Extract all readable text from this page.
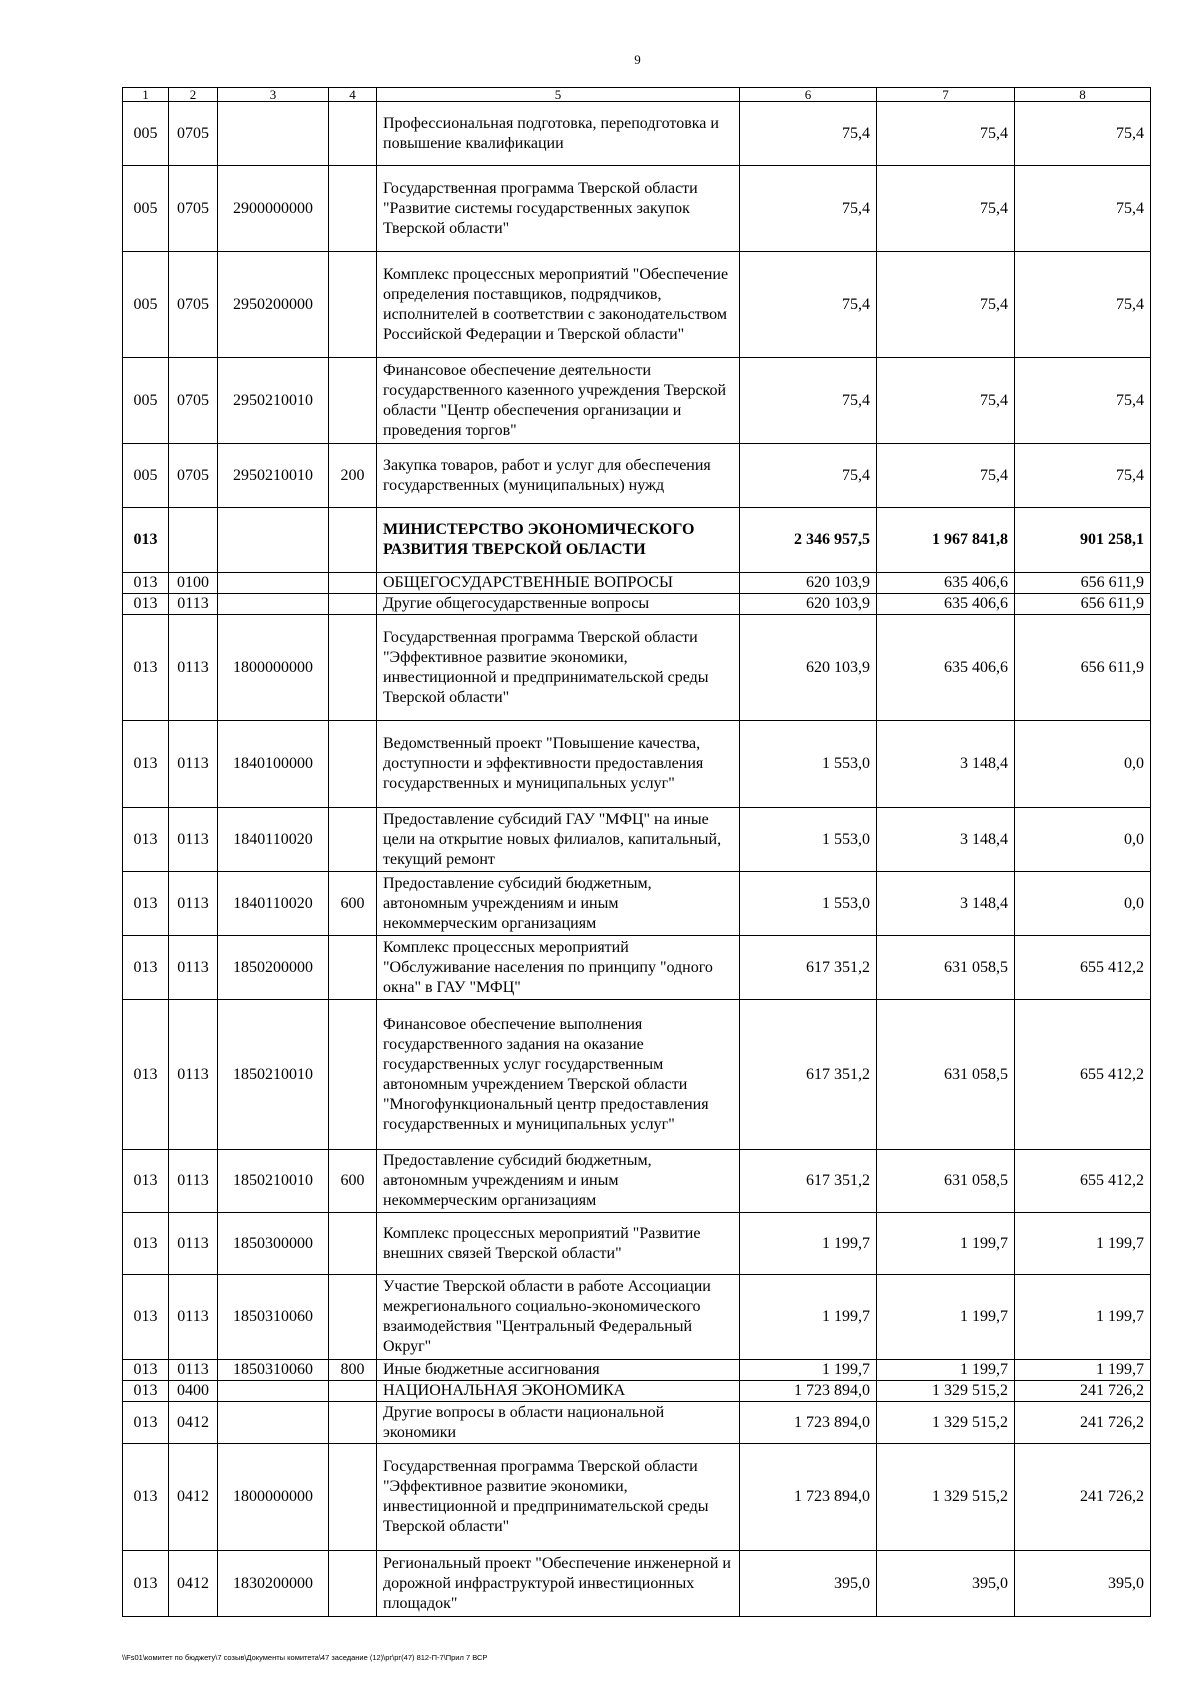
9
1	2	3	4	5	6	7	8
005	0705			Профессиональная подготовка, переподготовка и повышение квалификации	75,4	75,4	75,4
005	0705	2900000000		Государственная программа Тверской области "Развитие системы государственных закупок Тверской области"	75,4	75,4	75,4
005	0705	2950200000		Комплекс процессных мероприятий "Обеспечение определения поставщиков, подрядчиков, исполнителей в соответствии с законодательством Российской Федерации и Тверской области"	75,4	75,4	75,4
005	0705	2950210010		Финансовое обеспечение деятельности государственного казенного учреждения Тверской области "Центр обеспечения организации и проведения торгов"	75,4	75,4	75,4
005	0705	2950210010	200	Закупка товаров, работ и услуг для обеспечения государственных (муниципальных) нужд	75,4	75,4	75,4
013				МИНИСТЕРСТВО ЭКОНОМИЧЕСКОГО РАЗВИТИЯ ТВЕРСКОЙ ОБЛАСТИ	2 346 957,5	1 967 841,8	901 258,1
013	0100			ОБЩЕГОСУДАРСТВЕННЫЕ ВОПРОСЫ	620 103,9	635 406,6	656 611,9
013	0113			Другие общегосударственные вопросы	620 103,9	635 406,6	656 611,9
013	0113	1800000000		Государственная программа Тверской области "Эффективное развитие экономики, инвестиционной и предпринимательской среды Тверской области"	620 103,9	635 406,6	656 611,9
013	0113	1840100000		Ведомственный проект "Повышение качества, доступности и эффективности предоставления государственных и муниципальных услуг"	1 553,0	3 148,4	0,0
013	0113	1840110020		Предоставление субсидий ГАУ "МФЦ" на иные цели на открытие новых филиалов, капитальный, текущий ремонт	1 553,0	3 148,4	0,0
013	0113	1840110020	600	Предоставление субсидий бюджетным, автономным учреждениям и иным некоммерческим организациям	1 553,0	3 148,4	0,0
013	0113	1850200000		Комплекс процессных мероприятий "Обслуживание населения по принципу "одного окна" в ГАУ "МФЦ"	617 351,2	631 058,5	655 412,2
013	0113	1850210010		Финансовое обеспечение выполнения государственного задания на оказание государственных услуг государственным автономным учреждением Тверской области "Многофункциональный центр предоставления государственных и муниципальных услуг"	617 351,2	631 058,5	655 412,2
013	0113	1850210010	600	Предоставление субсидий бюджетным, автономным учреждениям и иным некоммерческим организациям	617 351,2	631 058,5	655 412,2
013	0113	1850300000		Комплекс процессных мероприятий "Развитие внешних связей Тверской области"	1 199,7	1 199,7	1 199,7
013	0113	1850310060		Участие Тверской области в работе Ассоциации межрегионального социально-экономического взаимодействия "Центральный Федеральный Округ"	1 199,7	1 199,7	1 199,7
013	0113	1850310060	800	Иные бюджетные ассигнования	1 199,7	1 199,7	1 199,7
013	0400			НАЦИОНАЛЬНАЯ ЭКОНОМИКА	1 723 894,0	1 329 515,2	241 726,2
013	0412			Другие вопросы в области национальной экономики	1 723 894,0	1 329 515,2	241 726,2
013	0412	1800000000		Государственная программа Тверской области "Эффективное развитие экономики, инвестиционной и предпринимательской среды Тверской области"	1 723 894,0	1 329 515,2	241 726,2
013	0412	1830200000		Региональный проект "Обеспечение инженерной и дорожной инфраструктурой инвестиционных площадок"	395,0	395,0	395,0
\\Fs01\комитет по бюджету\7 созыв\Документы комитета\47 заседание (12)\рг\рг(47) 812-П-7\Прил 7 ВСР
